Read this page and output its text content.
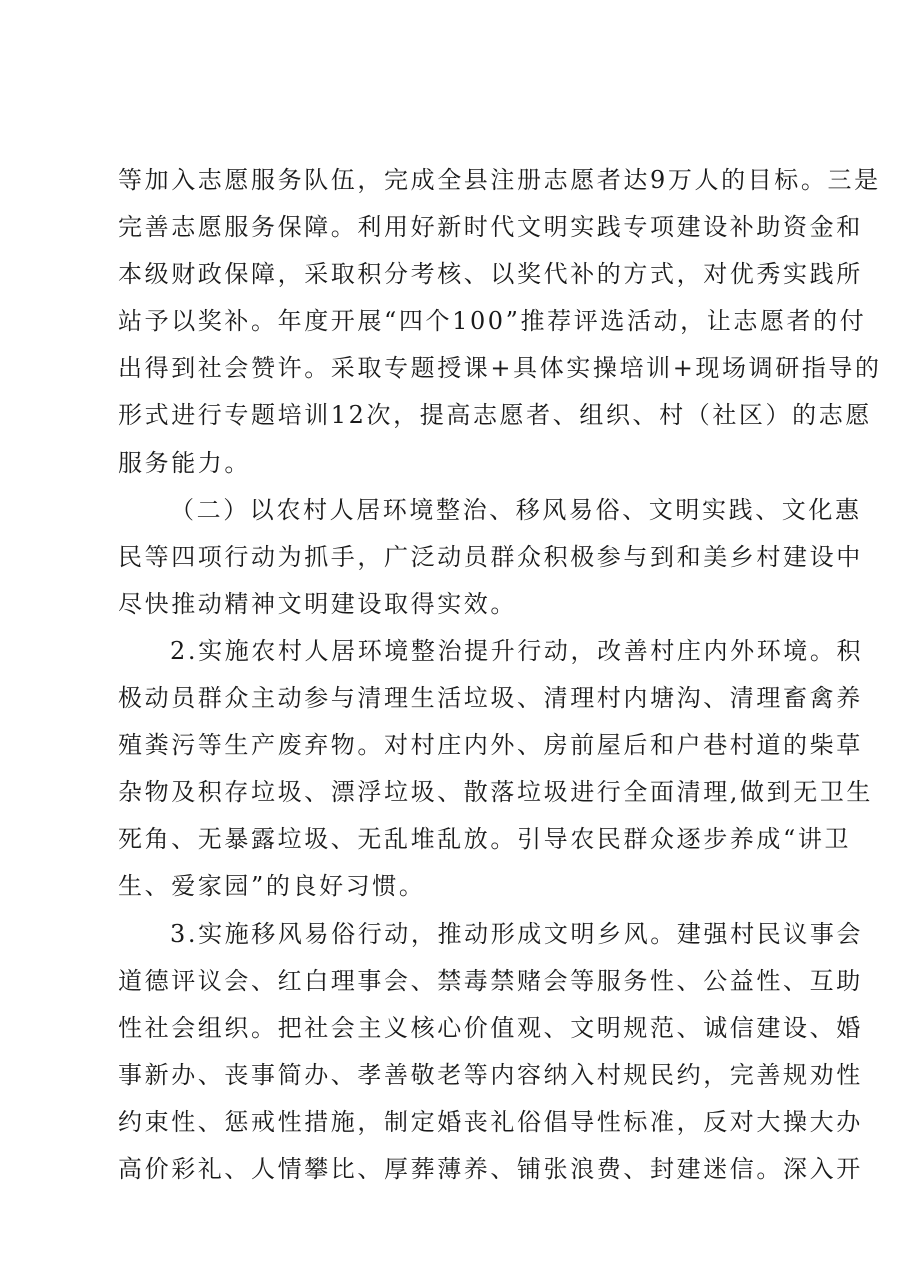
等加入志愿服务队伍，完成全县注册志愿者达9万人的目标。三是
完善志愿服务保障。利用好新时代文明实践专项建设补助资金和
本级财政保障，采取积分考核、以奖代补的方式，对优秀实践所
站予以奖补。年度开展“四个100”推荐评选活动，让志愿者的付
出得到社会赞许。采取专题授课+具体实操培训+现场调研指导的
形式进行专题培训12次，提高志愿者、组织、村（社区）的志愿
服务能力。
（二）以农村人居环境整治、移风易俗、文明实践、文化惠
民等四项行动为抓手，广泛动员群众积极参与到和美乡村建设中
尽快推动精神文明建设取得实效。
2.实施农村人居环境整治提升行动，改善村庄内外环境。积
极动员群众主动参与清理生活垃圾、清理村内塘沟、清理畜禽养
殖粪污等生产废弃物。对村庄内外、房前屋后和户巷村道的柴草
杂物及积存垃圾、漂浮垃圾、散落垃圾进行全面清理,做到无卫生
死角、无暴露垃圾、无乱堆乱放。引导农民群众逐步养成“讲卫
生、爱家园”的良好习惯。
3.实施移风易俗行动，推动形成文明乡风。建强村民议事会
道德评议会、红白理事会、禁毒禁赌会等服务性、公益性、互助
性社会组织。把社会主义核心价值观、文明规范、诚信建设、婚
事新办、丧事简办、孝善敬老等内容纳入村规民约，完善规劝性
约束性、惩戒性措施，制定婚丧礼俗倡导性标准，反对大操大办
高价彩礼、人情攀比、厚葬薄养、铺张浪费、封建迷信。深入开
